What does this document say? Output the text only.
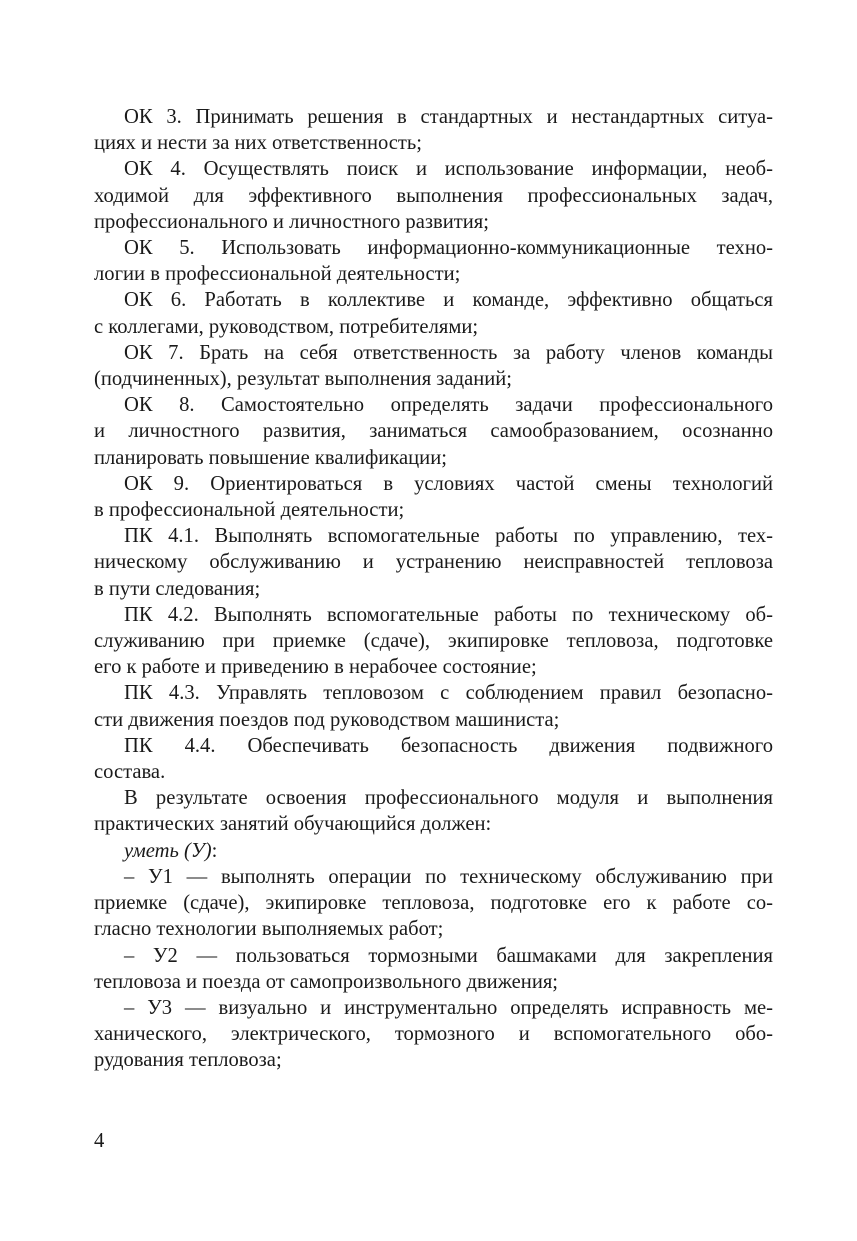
ОК 3. Принимать решения в стандартных и нестандартных ситуа-
циях и нести за них ответственность;

ОК 4. Осуществлять поиск и использование информации, необ-
ходимой для эффективного выполнения профессиональных задач,
профессионального и личностного развития;

ОК 5. Использовать информационно-коммуникационные техно-
логии в профессиональной деятельности;

ОК 6. Работать в коллективе и команде, эффективно общаться
с коллегами, руководством, потребителями;

ОК 7. Брать на себя ответственность за работу членов команды
(подчиненных), результат выполнения заданий;

ОК 8. Самостоятельно определять задачи профессионального
и личностного развития, заниматься самообразованием, осознанно
планировать повышение квалификации;

ОК 9. Ориентироваться в условиях частой смены технологий
в профессиональной деятельности;

ПК 4.1. Выполнять вспомогательные работы по управлению, тех-
ническому обслуживанию и устранению неисправностей тепловоза
в пути следования;

ПК 4.2. Выполнять вспомогательные работы по техническому об-
служиванию при приемке (сдаче), экипировке тепловоза, подготовке
его к работе и приведению в нерабочее состояние;

ПК 4.3. Управлять тепловозом с соблюдением правил безопасно-
сти движения поездов под руководством машиниста;

ПК 4.4. Обеспечивать безопасность движения подвижного
состава.

В результате освоения профессионального модуля и выполнения
практических занятий обучающийся должен:

уметь (У):

– У1 — выполнять операции по техническому обслуживанию при
приемке (сдаче), экипировке тепловоза, подготовке его к работе со-
гласно технологии выполняемых работ;

– У2 — пользоваться тормозными башмаками для закрепления
тепловоза и поезда от самопроизвольного движения;

– У3 — визуально и инструментально определять исправность ме-
ханического, электрического, тормозного и вспомогательного обо-
рудования тепловоза;

4
